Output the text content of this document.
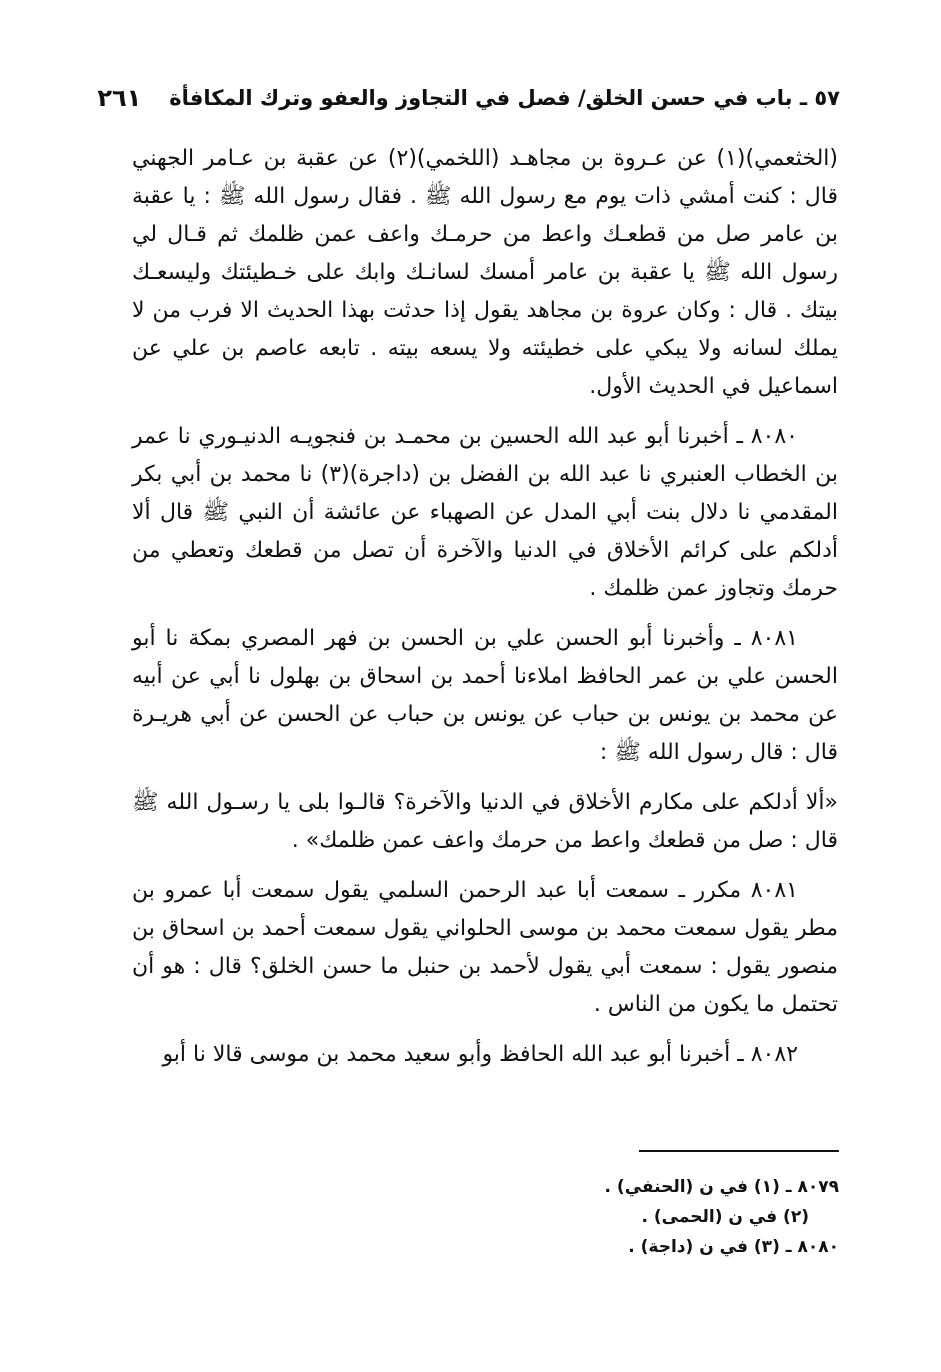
٥٧ ـ باب في حسن الخلق/ فصل في التجاوز والعفو وترك المكافأة
٢٦١

(الخثعمي)(١) عن عـروة بن مجاهـد (اللخمي)(٢) عن عقبة بن عـامر الجهني قال : كنت أمشي ذات يوم مع رسول الله ﷺ . فقال رسول الله ﷺ : يا عقبة بن عامر صل من قطعـك واعط من حرمـك واعف عمن ظلمك ثم قـال لي رسول الله ﷺ يا عقبة بن عامر أمسك لسانـك وابك على خـطيئتك وليسعـك بيتك . قال : وكان عروة بن مجاهد يقول إذا حدثت بهذا الحديث الا فرب من لا يملك لسانه ولا يبكي على خطيئته ولا يسعه بيته . تابعه عاصم بن علي عن اسماعيل في الحديث الأول.

٨٠٨٠ ـ أخبرنا أبو عبد الله الحسين بن محمـد بن فنجويـه الدنيـوري نا عمر بن الخطاب العنبري نا عبد الله بن الفضل بن (داجرة)(٣) نا محمد بن أبي بكر المقدمي نا دلال بنت أبي المدل عن الصهباء عن عائشة أن النبي ﷺ قال ألا أدلكم على كرائم الأخلاق في الدنيا والآخرة أن تصل من قطعك وتعطي من حرمك وتجاوز عمن ظلمك .

٨٠٨١ ـ وأخبرنا أبو الحسن علي بن الحسن بن فهر المصري بمكة نا أبو الحسن علي بن عمر الحافظ املاءنا أحمد بن اسحاق بن بهلول نا أبي عن أبيه عن محمد بن يونس بن حباب عن يونس بن حباب عن الحسن عن أبي هريـرة قال : قال رسول الله ﷺ :

«ألا أدلكم على مكارم الأخلاق في الدنيا والآخرة؟ قالـوا بلى يا رسـول الله ﷺ قال : صل من قطعك واعط من حرمك واعف عمن ظلمك» .

٨٠٨١ مكرر ـ سمعت أبا عبد الرحمن السلمي يقول سمعت أبا عمرو بن مطر يقول سمعت محمد بن موسى الحلواني يقول سمعت أحمد بن اسحاق بن منصور يقول : سمعت أبي يقول لأحمد بن حنبل ما حسن الخلق؟ قال : هو أن تحتمل ما يكون من الناس .

٨٠٨٢ ـ أخبرنا أبو عبد الله الحافظ وأبو سعيد محمد بن موسى قالا نا أبو

٨٠٧٩ ـ (١) في ن (الحنفي) .
(٢) في ن (الحمى) .
٨٠٨٠ ـ (٣) في ن (داجة) .
